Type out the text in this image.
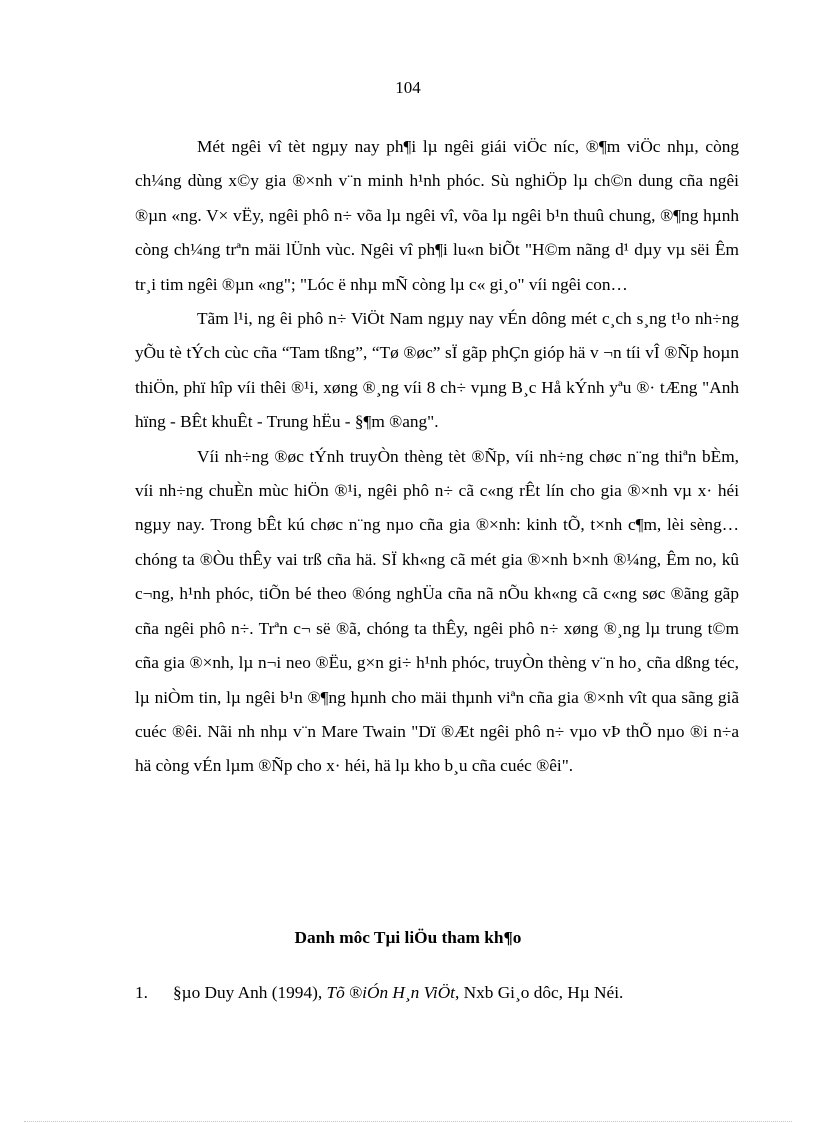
104

Mét ngêi vî tèt ngµy nay ph¶i lµ ngêi giái viÖc níc, ®¶m viÖc nhµ, còng ch¼ng dùng x©y gia ®×nh v¨n minh h¹nh phóc. Sù nghiÖp lµ ch©n dung cña ngêi ®µn «ng. V× vËy, ngêi phô n÷ võa lµ ngêi vî, võa lµ ngêi b¹n thuû chung, ®¶ng hµnh còng ch¼ng trªn mäi lÜnh vùc. Ngêi vî ph¶i lu«n biÕt "H©m nãng d¹ dµy vµ sëi Êm tr¸i tim ngêi ®µn «ng"; "Lóc ë nhµ mÑ còng lµ c« gi¸o" víi ngêi con…

Tãm l¹i, ng êi phô n÷ ViÖt Nam ngµy nay vÉn dông mét c¸ch s¸ng t¹o nh÷ng yÕu tè tÝch cùc cña “Tam tßng”, “Tø ®øc” sÏ gãp phÇn gióp hä v ¬n tíi vÎ ®Ñp hoµn thiÖn, phï hîp víi thêi ®¹i, xøng ®¸ng víi 8 ch÷ vµng B¸c Hå kÝnh yªu ®· tÆng "Anh hïng - BÊt khuÊt - Trung hËu - §¶m ®ang".

Víi nh÷ng ®øc tÝnh truyÒn thèng tèt ®Ñp, víi nh÷ng chøc n¨ng thiªn bÈm, víi nh÷ng chuÈn mùc hiÖn ®¹i, ngêi phô n÷ cã c«ng rÊt lín cho gia ®×nh vµ x· héi ngµy nay. Trong bÊt kú chøc n¨ng nµo cña gia ®×nh: kinh tÕ, t×nh c¶m, lèi sèng… chóng ta ®Òu thÊy vai trß cña hä. SÏ kh«ng cã mét gia ®×nh b×nh ®¼ng, Êm no, kû c¬ng, h¹nh phóc, tiÕn bé theo ®óng nghÜa cña nã nÕu kh«ng cã c«ng søc ®ãng gãp cña ngêi phô n÷. Trªn c¬ së ®ã, chóng ta thÊy, ngêi phô n÷ xøng ®¸ng lµ trung t©m cña gia ®×nh, lµ n¬i neo ®Ëu, g×n gi÷ h¹nh phóc, truyÒn thèng v¨n ho¸ cña dßng téc, lµ niÒm tin, lµ ngêi b¹n ®¶ng hµnh cho mäi thµnh viªn cña gia ®×nh vît qua sãng giã cuéc ®êi. Nãi nh nhµ v¨n Mare Twain "Dï ®Æt ngêi phô n÷ vµo vÞ thÕ nµo ®i n÷a hä còng vÉn lµm ®Ñp cho x· héi, hä lµ kho b¸u cña cuéc ®êi".

Danh môc Tµi liÖu tham kh¶o
1. §µo Duy Anh (1994), Tõ ®iÓn H¸n ViÖt, Nxb Gi¸o dôc, Hµ Néi.
